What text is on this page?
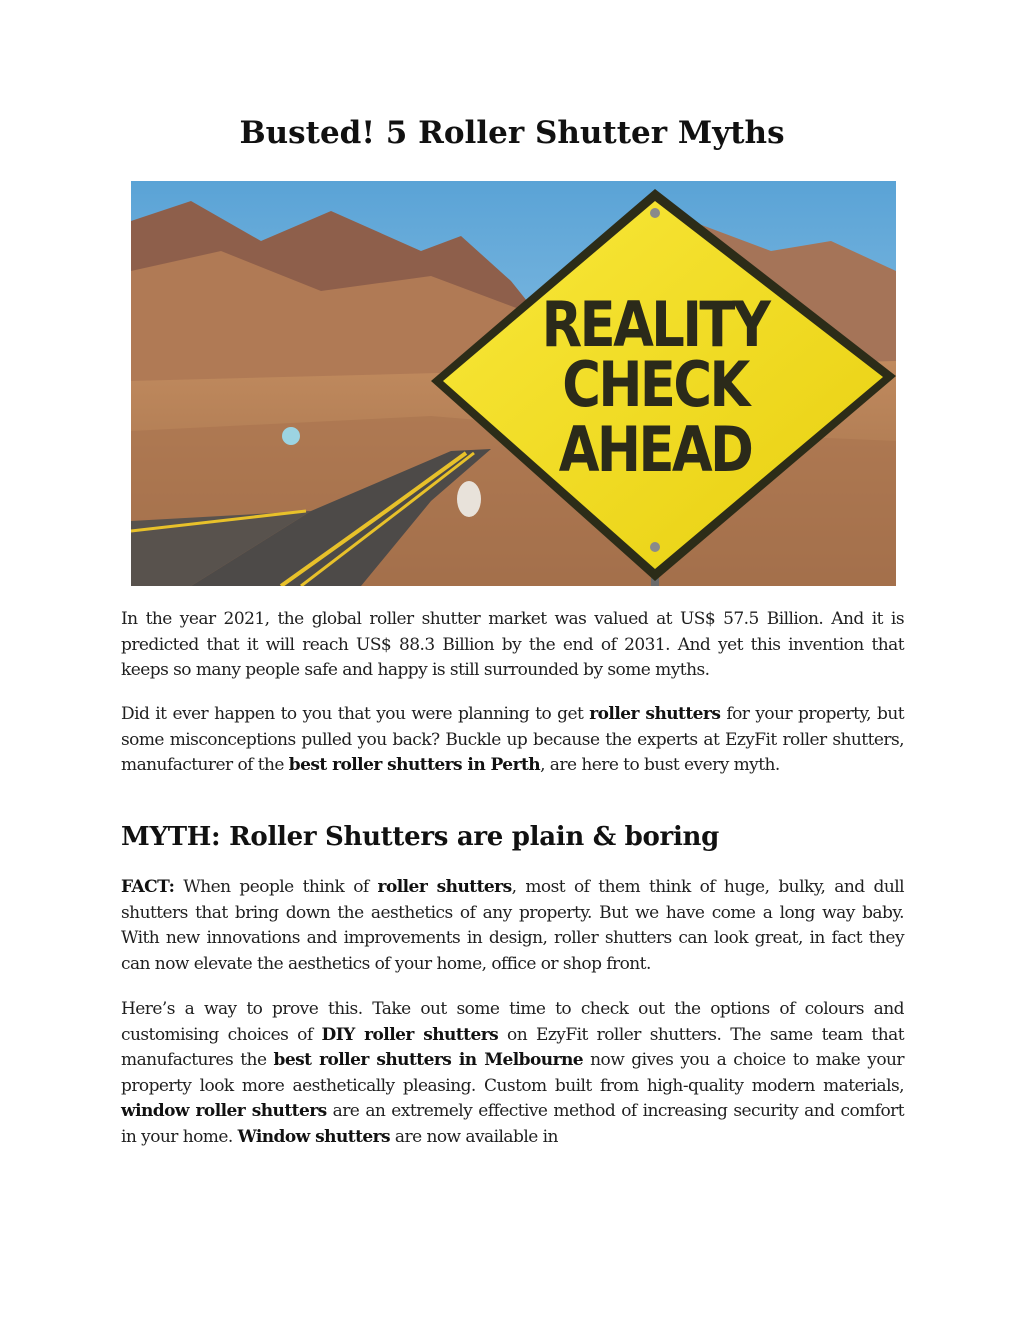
Busted! 5 Roller Shutter Myths
REALITY
CHECK
AHEAD

In the year 2021, the global roller shutter market was valued at US$ 57.5 Billion. And it is predicted that it will reach US$ 88.3 Billion by the end of 2031. And yet this invention that keeps so many people safe and happy is still surrounded by some myths.

Did it ever happen to you that you were planning to get roller shutters for your property, but some misconceptions pulled you back? Buckle up because the experts at EzyFit roller shutters, manufacturer of the best roller shutters in Perth, are here to bust every myth.

MYTH: Roller Shutters are plain & boring

FACT: When people think of roller shutters, most of them think of huge, bulky, and dull shutters that bring down the aesthetics of any property. But we have come a long way baby. With new innovations and improvements in design, roller shutters can look great, in fact they can now elevate the aesthetics of your home, office or shop front.

Here’s a way to prove this. Take out some time to check out the options of colours and customising choices of DIY roller shutters on EzyFit roller shutters. The same team that manufactures the best roller shutters in Melbourne now gives you a choice to make your property look more aesthetically pleasing. Custom built from high-quality modern materials, window roller shutters are an extremely effective method of increasing security and comfort in your home. Window shutters are now available in
